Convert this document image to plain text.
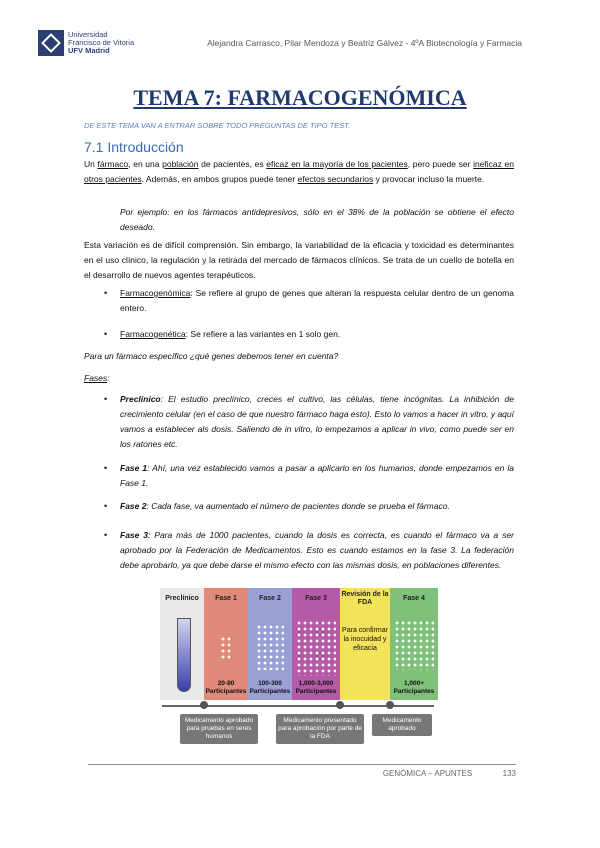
Universidad
Francisco de Vitoria
UFV Madrid
Alejandra Carrasco, Pilar Mendoza y Beatriz Gálvez - 4ºA Biotecnología y Farmacia
TEMA 7: FARMACOGENÓMICA
DE ESTE TEMA VAN A ENTRAR SOBRE TODO PREGUNTAS DE TIPO TEST.
7.1 Introducción
Un fármaco, en una población de pacientes, es eficaz en la mayoría de los pacientes, pero puede ser ineficaz en otros pacientes. Además, en ambos grupos puede tener efectos secundarios y provocar incluso la muerte.
Por ejemplo: en los fármacos antidepresivos, sólo en el 38% de la población se obtiene el efecto deseado.
Esta variación es de difícil comprensión. Sin embargo, la variabilidad de la eficacia y toxicidad es determinantes en el uso clínico, la regulación y la retirada del mercado de fármacos clínicos. Se trata de un cuello de botella en el desarrollo de nuevos agentes terapéuticos.
• Farmacogenómica: Se refiere al grupo de genes que alteran la respuesta celular dentro de un genoma entero.
• Farmacogenética: Se refiere a las variantes en 1 solo gen.
Para un fármaco específico ¿qué genes debemos tener en cuenta?
Fases:
• Preclínico: El estudio preclínico, creces el cultivo, las células, tiene incógnitas. La inhibición de crecimiento celular (en el caso de que nuestro fármaco haga esto). Esto lo vamos a hacer in vitro, y aquí vamos a establecer als dosis. Saliendo de in vitro, lo empezamos a aplicar in vivo, como puede ser en los ratones etc.
• Fase 1: Ahí, una vez establecido vamos a pasar a aplicarlo en los humanos, donde empezamos en la Fase 1.
• Fase 2: Cada fase, va aumentado el número de pacientes donde se prueba el fármaco.
• Fase 3: Para más de 1000 pacientes, cuando la dosis es correcta, es cuando el fármaco va a ser aprobado por la Federación de Medicamentos. Esto es cuando estamos en la fase 3. La federación debe aprobarlo, ya que debe darse el mismo efecto con las mismas dosis, en poblaciones diferentes.
Preclínico	Fase 1
20-80 Participantes
Fase 2
100-300 Participantes
Fase 3
1,000-3,000 Participantes
Revisión de la FDA
Para confirmar la inocuidad y eficacia
Fase 4
1,000+ Participantes
Medicamento aprobado para pruebas en seres humanos
Medicamento presentado para aprobación por parte de la FDA
Medicamento aprobado
GENÓMICA – APUNTES	133
